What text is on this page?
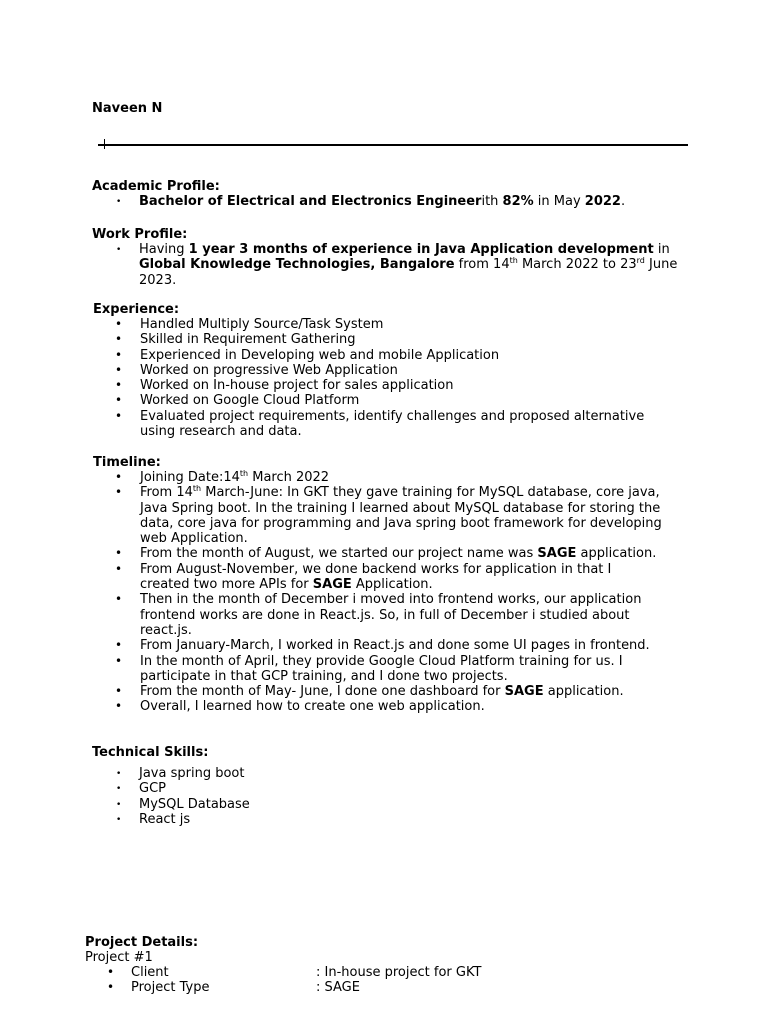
Naveen N

Academic Profile:

• Bachelor of Electrical and Electronics Engineerith 82% in May 2022.

Work Profile:

• Having 1 year 3 months of experience in Java Application development in
Global Knowledge Technologies, Bangalore from 14th March 2022 to 23rd June
2023.

Experience:

• Handled Multiply Source/Task System
• Skilled in Requirement Gathering
• Experienced in Developing web and mobile Application
• Worked on progressive Web Application
• Worked on In-house project for sales application
• Worked on Google Cloud Platform
• Evaluated project requirements, identify challenges and proposed alternative
using research and data.

Timeline:

• Joining Date:14th March 2022
• From 14th March-June: In GKT they gave training for MySQL database, core java,
Java Spring boot. In the training I learned about MySQL database for storing the
data, core java for programming and Java spring boot framework for developing
web Application.
• From the month of August, we started our project name was SAGE application.
• From August-November, we done backend works for application in that I
created two more APIs for SAGE Application.
• Then in the month of December i moved into frontend works, our application
frontend works are done in React.js. So, in full of December i studied about
react.js.
• From January-March, I worked in React.js and done some UI pages in frontend.
• In the month of April, they provide Google Cloud Platform training for us. I
participate in that GCP training, and I done two projects.
• From the month of May- June, I done one dashboard for SAGE application.
• Overall, I learned how to create one web application.

Technical Skills:

• Java spring boot
• GCP
• MySQL Database
• React js

Project Details:

Project #1
• Client	: In-house project for GKT
• Project Type	: SAGE
